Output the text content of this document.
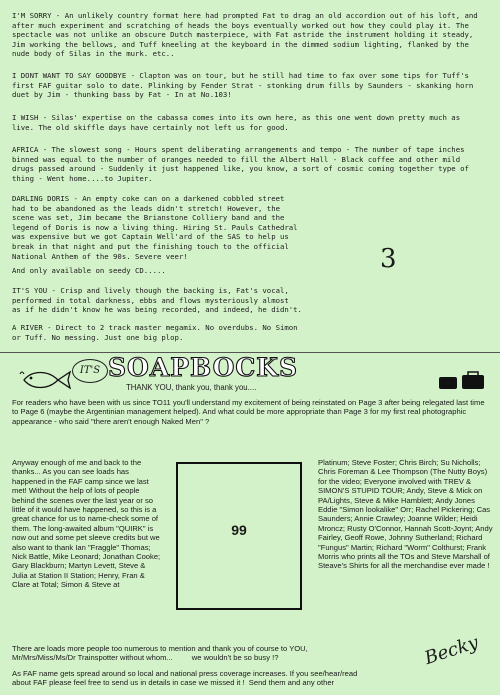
I'M SORRY - An unlikely country format here had prompted Fat to drag an old accordion out of his loft, and after much experiment and scratching of heads the boys eventually worked out how they could play it. The spectacle was not unlike an obscure Dutch masterpiece, with Fat astride the instrument holding it steady, Jim working the bellows, and Tuff kneeling at the keyboard in the dimmed sodium lighting, flanked by the nude body of Silas in the murk. etc..

I DONT WANT TO SAY GOODBYE - Clapton was on tour, but he still had time to fax over some tips for Tuff's first FAF guitar solo to date. Plinking by Fender Strat - stonking drum fills by Saunders - skanking horn duet by Jim - thunking bass by Fat - In at No.103!

I WISH - Silas' expertise on the cabassa comes into its own here, as this one went down pretty much as live. The old skiffle days have certainly not left us for good.

AFRICA - The slowest song - Hours spent deliberating arrangements and tempo - The number of tape inches binned was equal to the number of oranges needed to fill the Albert Hall - Black coffee and other mild drugs passed around - Suddenly it just happened like, you know, a sort of cosmic coming together type of thing - Went home....to Jupiter.

DARLING DORIS - An empty coke can on a darkened cobbled street
had to be abandoned as the leads didn't stretch! However, the
scene was set, Jim became the Brianstone Colliery band and the
legend of Doris is now a living thing. Hiring St. Pauls Cathedral
was expensive but we got Captain Well'ard of the SAS to help us
break in that night and put the finishing touch to the official
National Anthem of the 90s. Severe veer!

And only available on seedy CD.....

IT'S YOU - Crisp and lively though the backing is, Fat's vocal,
performed in total darkness, ebbs and flows mysteriously almost
as if he didn't know he was being recorded, and indeed, he didn't.

A RIVER - Direct to 2 track master megamix. No overdubs. No Simon
or Tuff. No messing. Just one big plop.

3
IT'S SOAPBOCKS
THANK YOU, thank you, thank you....

For readers who have been with us since TO11 you'll understand my excitement of being reinstated on Page 3 after being relegated last time to Page 6 (maybe the Argentinian management helped). And what could be more appropriate than Page 3 for my first real photographic appearance - who said "there aren't enough Naked Men" ?

Anyway enough of me and back to the thanks... As you can see loads has happened in the FAF camp since we last met! Without the help of lots of people behind the scenes over the last year or so little of it would have happened, so this is a great chance for us to name-check some of them. The long-awaited album "QUIRK" is now out and some pet sleeve credits but we also want to thank Ian "Fraggle" Thomas; Nick Battle, Mike Leonard; Jonathan Cooke; Gary Blackburn; Martyn Levett, Steve & Julia at Station II Station; Henry, Fran & Clare at Total; Simon & Steve at

99

Platinum; Steve Foster; Chris Birch; Su Nicholls; Chris Foreman & Lee Thompson (The Nutty Boys) for the video; Everyone involved with TREV & SIMON'S STUPID TOUR; Andy, Steve & Mick on PA/Lights, Steve & Mike Hamblett; Andy Jones Eddie "Simon lookalike" Orr; Rachel Pickering; Cas Saunders; Annie Crawley; Joanne Wilder; Heidi Mroncz; Rusty O'Connor, Hannah Scott-Joynt; Andy Fairley, Geoff Rowe, Johnny Sutherland; Richard "Fungus" Martin; Richard "Worm" Colthurst; Frank Morris who prints all the TOs and Steve Marshall of Steave's Shirts for all the merchandise ever made !

There are loads more people too numerous to mention and thank you of course to YOU,
Mr/Mrs/Miss/Ms/Dr Trainspotter without whom...         we wouldn't be so busy !?

As FAF name gets spread around so local and national press coverage increases. If you see/hear/read
about FAF please feel free to send us in details in case we missed it !  Send them and any other

Becky
